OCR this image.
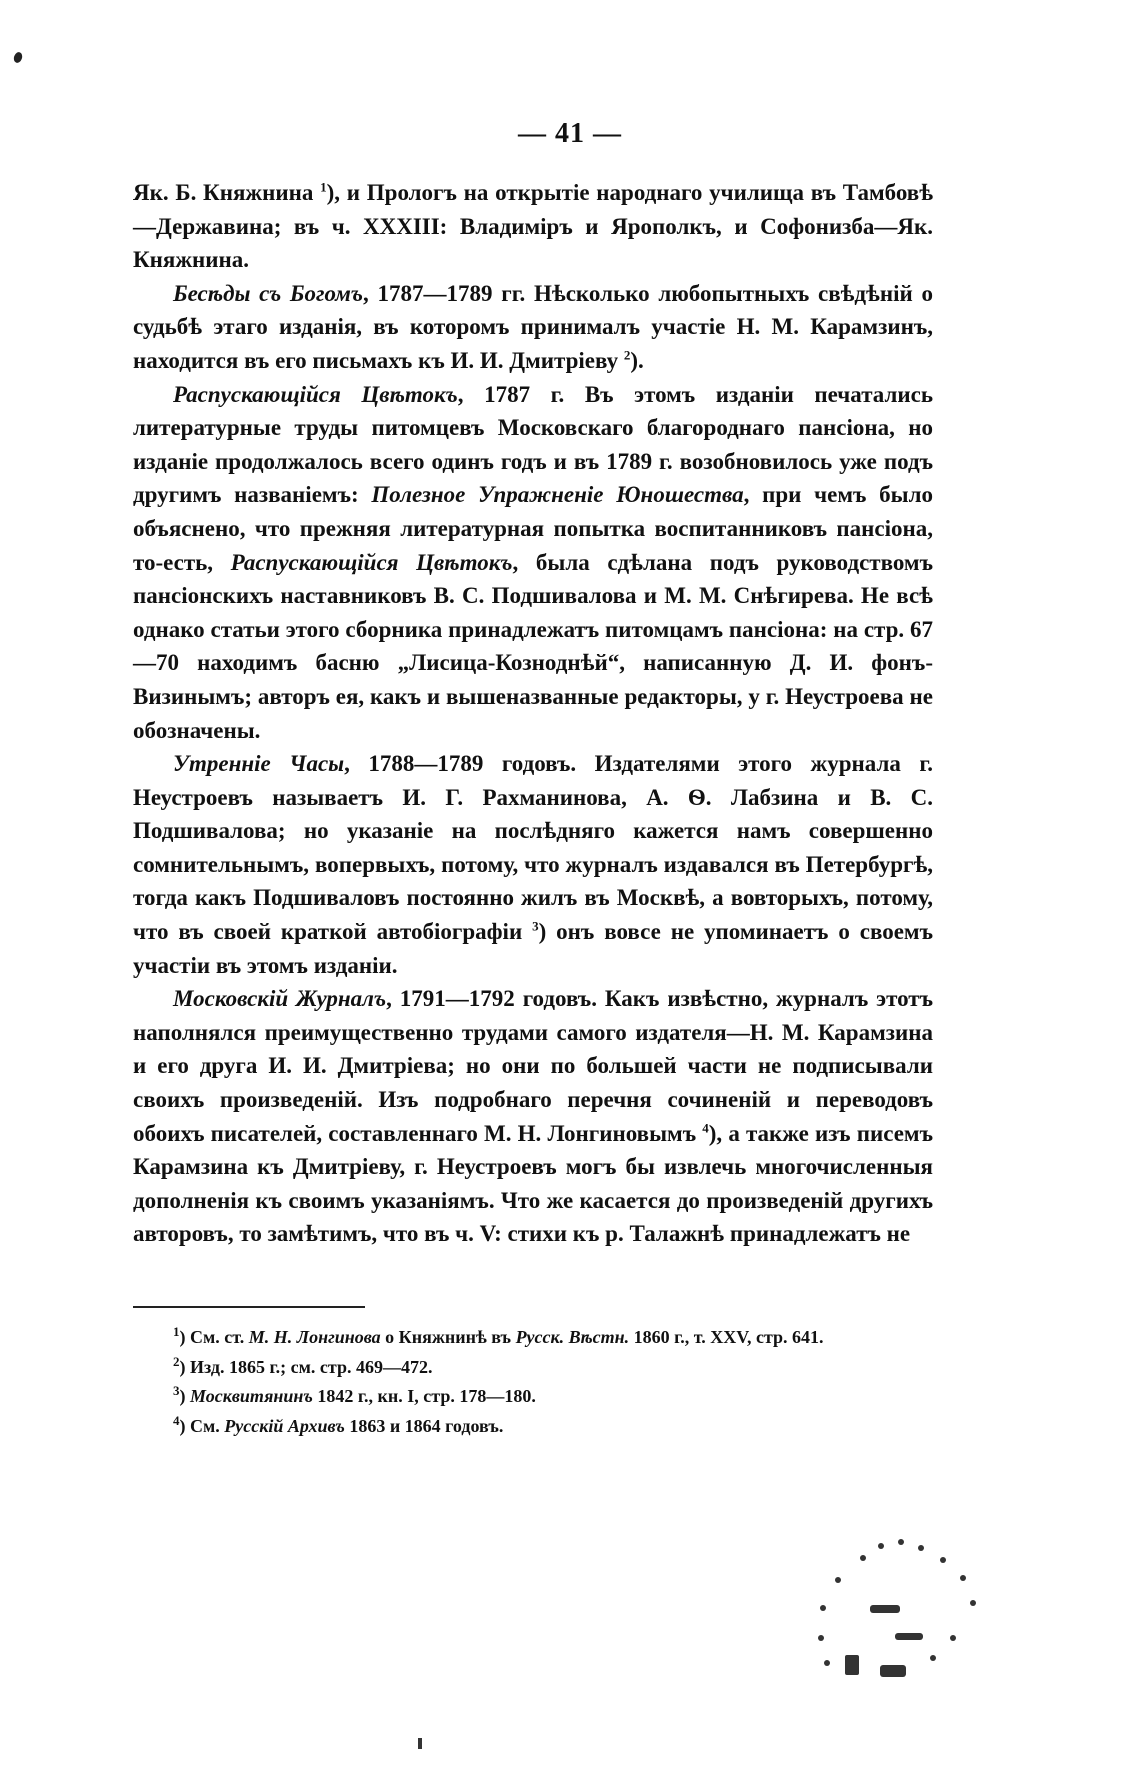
— 41 —

Як. Б. Княжнина $^1$), и Прологъ на открытіе народнаго училища въ Тамбовѣ—Державина; въ ч. XXXIII: Владиміръ и Ярополкъ, и Софонизба—Як. Княжнина.

Бесѣды съ Богомъ, 1787—1789 гг. Нѣсколько любопытныхъ свѣдѣній о судьбѣ этаго изданія, въ которомъ принималъ участіе Н. М. Карамзинъ, находится въ его письмахъ къ И. И. Дмитріеву $^2$).

Распускающійся Цвѣтокъ, 1787 г. Въ этомъ изданіи печатались литературные труды питомцевъ Московскаго благороднаго пансіона, но изданіе продолжалось всего одинъ годъ и въ 1789 г. возобновилось уже подъ другимъ названіемъ: Полезное Упражненіе Юношества, при чемъ было объяснено, что прежняя литературная попытка воспитанниковъ пансіона, то-есть, Распускающійся Цвѣтокъ, была сдѣлана подъ руководствомъ пансіонскихъ наставниковъ В. С. Подшивалова и М. М. Снѣгирева. Не всѣ однако статьи этого сборника принадлежатъ питомцамъ пансіона: на стр. 67—70 находимъ басню „Лисица-Козноднѣй“, написанную Д. И. фонъ-Визинымъ; авторъ ея, какъ и вышеназванные редакторы, у г. Неустроева не обозначены.

Утренніе Часы, 1788—1789 годовъ. Издателями этого журнала г. Неустроевъ называетъ И. Г. Рахманинова, А. Ѳ. Лабзина и В. С. Подшивалова; но указаніе на послѣдняго кажется намъ совершенно сомнительнымъ, вопервыхъ, потому, что журналъ издавался въ Петербургѣ, тогда какъ Подшиваловъ постоянно жилъ въ Москвѣ, а вовторыхъ, потому, что въ своей краткой автобіографіи $^3$) онъ вовсе не упоминаетъ о своемъ участіи въ этомъ изданіи.

Московскій Журналъ, 1791—1792 годовъ. Какъ извѣстно, журналъ этотъ наполнялся преимущественно трудами самого издателя—Н. М. Карамзина и его друга И. И. Дмитріева; но они по большей части не подписывали своихъ произведеній. Изъ подробнаго перечня сочиненій и переводовъ обоихъ писателей, составленнаго М. Н. Лонгиновымъ $^4$), а также изъ писемъ Карамзина къ Дмитріеву, г. Неустроевъ могъ бы извлечь многочисленныя дополненія къ своимъ указаніямъ. Что же касается до произведеній другихъ авторовъ, то замѣтимъ, что въ ч. V: стихи къ р. Талажнѣ принадлежатъ не

$^1$) См. ст. М. Н. Лонгинова о Княжнинѣ въ Русск. Вѣстн. 1860 г., т. XXV, стр. 641.

$^2$) Изд. 1865 г.; см. стр. 469—472.

$^3$) Москвитянинъ 1842 г., кн. I, стр. 178—180.

$^4$) См. Русскій Архивъ 1863 и 1864 годовъ.
